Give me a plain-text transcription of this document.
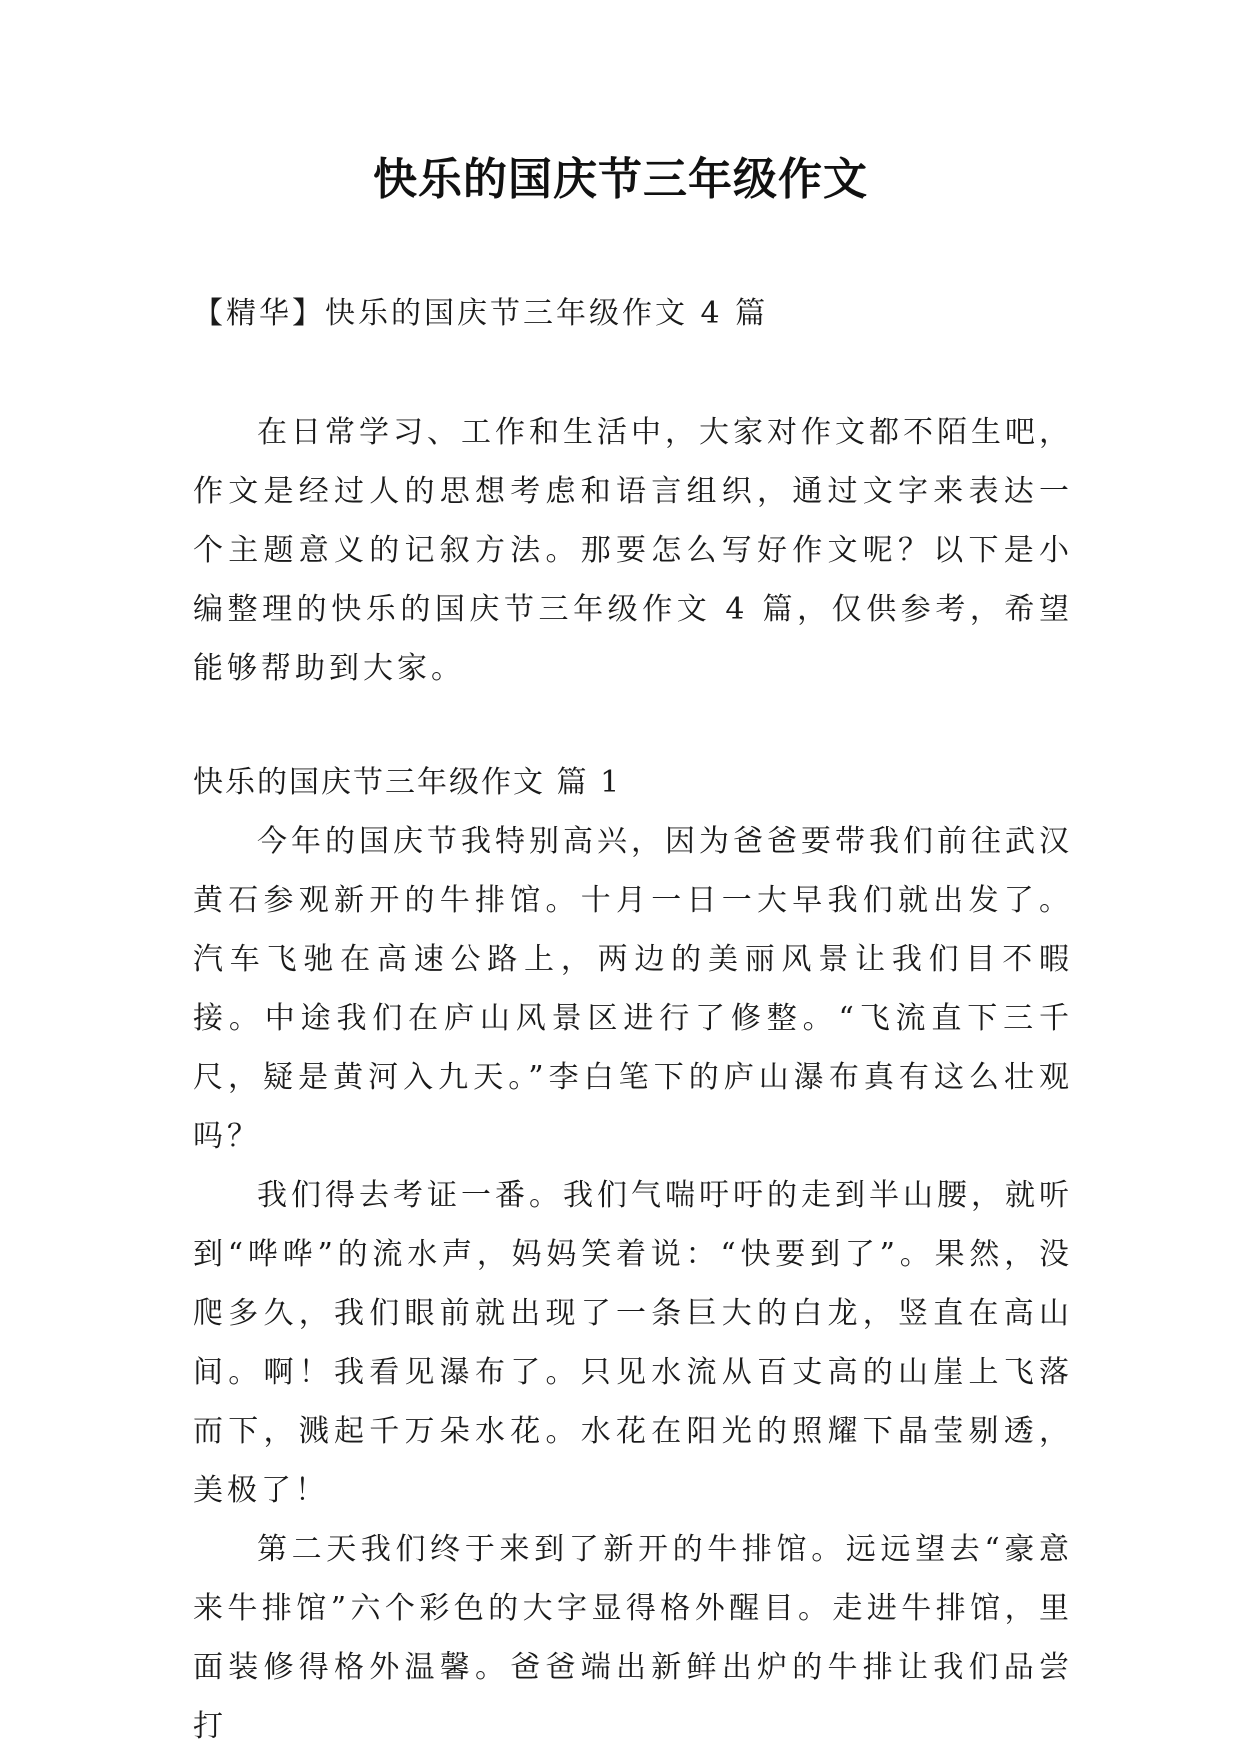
快乐的国庆节三年级作文
【精华】快乐的国庆节三年级作文 4 篇

在日常学习、工作和生活中，大家对作文都不陌生吧，作文是经过人的思想考虑和语言组织，通过文字来表达一个主题意义的记叙方法。那要怎么写好作文呢？以下是小编整理的快乐的国庆节三年级作文 4 篇，仅供参考，希望能够帮助到大家。

快乐的国庆节三年级作文 篇 1

今年的国庆节我特别高兴，因为爸爸要带我们前往武汉黄石参观新开的牛排馆。十月一日一大早我们就出发了。汽车飞驰在高速公路上，两边的美丽风景让我们目不暇接。中途我们在庐山风景区进行了修整。“飞流直下三千尺，疑是黄河入九天。”李白笔下的庐山瀑布真有这么壮观吗？

我们得去考证一番。我们气喘吁吁的走到半山腰，就听到“哗哗”的流水声，妈妈笑着说：“快要到了”。果然，没爬多久，我们眼前就出现了一条巨大的白龙，竖直在高山间。啊！我看见瀑布了。只见水流从百丈高的山崖上飞落而下，溅起千万朵水花。水花在阳光的照耀下晶莹剔透，美极了！

第二天我们终于来到了新开的牛排馆。远远望去“豪意来牛排馆”六个彩色的大字显得格外醒目。走进牛排馆，里面装修得格外温馨。爸爸端出新鲜出炉的牛排让我们品尝打
